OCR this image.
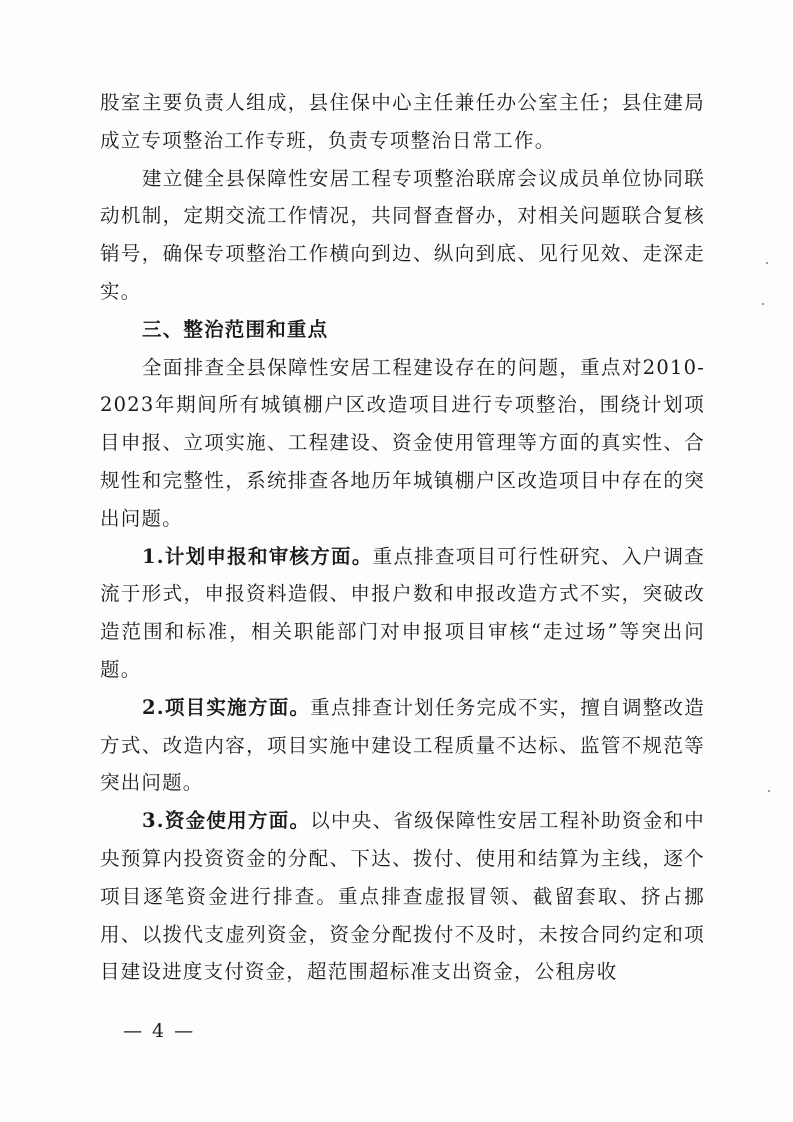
股室主要负责人组成，县住保中心主任兼任办公室主任；县住建局成立专项整治工作专班，负责专项整治日常工作。

建立健全县保障性安居工程专项整治联席会议成员单位协同联动机制，定期交流工作情况，共同督查督办，对相关问题联合复核销号，确保专项整治工作横向到边、纵向到底、见行见效、走深走实。

三、整治范围和重点

全面排查全县保障性安居工程建设存在的问题，重点对2010-2023年期间所有城镇棚户区改造项目进行专项整治，围绕计划项目申报、立项实施、工程建设、资金使用管理等方面的真实性、合规性和完整性，系统排查各地历年城镇棚户区改造项目中存在的突出问题。

1.计划申报和审核方面。重点排查项目可行性研究、入户调查流于形式，申报资料造假、申报户数和申报改造方式不实，突破改造范围和标准，相关职能部门对申报项目审核“走过场”等突出问题。

2.项目实施方面。重点排查计划任务完成不实，擅自调整改造方式、改造内容，项目实施中建设工程质量不达标、监管不规范等突出问题。

3.资金使用方面。以中央、省级保障性安居工程补助资金和中央预算内投资资金的分配、下达、拨付、使用和结算为主线，逐个项目逐笔资金进行排查。重点排查虚报冒领、截留套取、挤占挪用、以拨代支虚列资金，资金分配拨付不及时，未按合同约定和项目建设进度支付资金，超范围超标准支出资金，公租房收

— 4 —
